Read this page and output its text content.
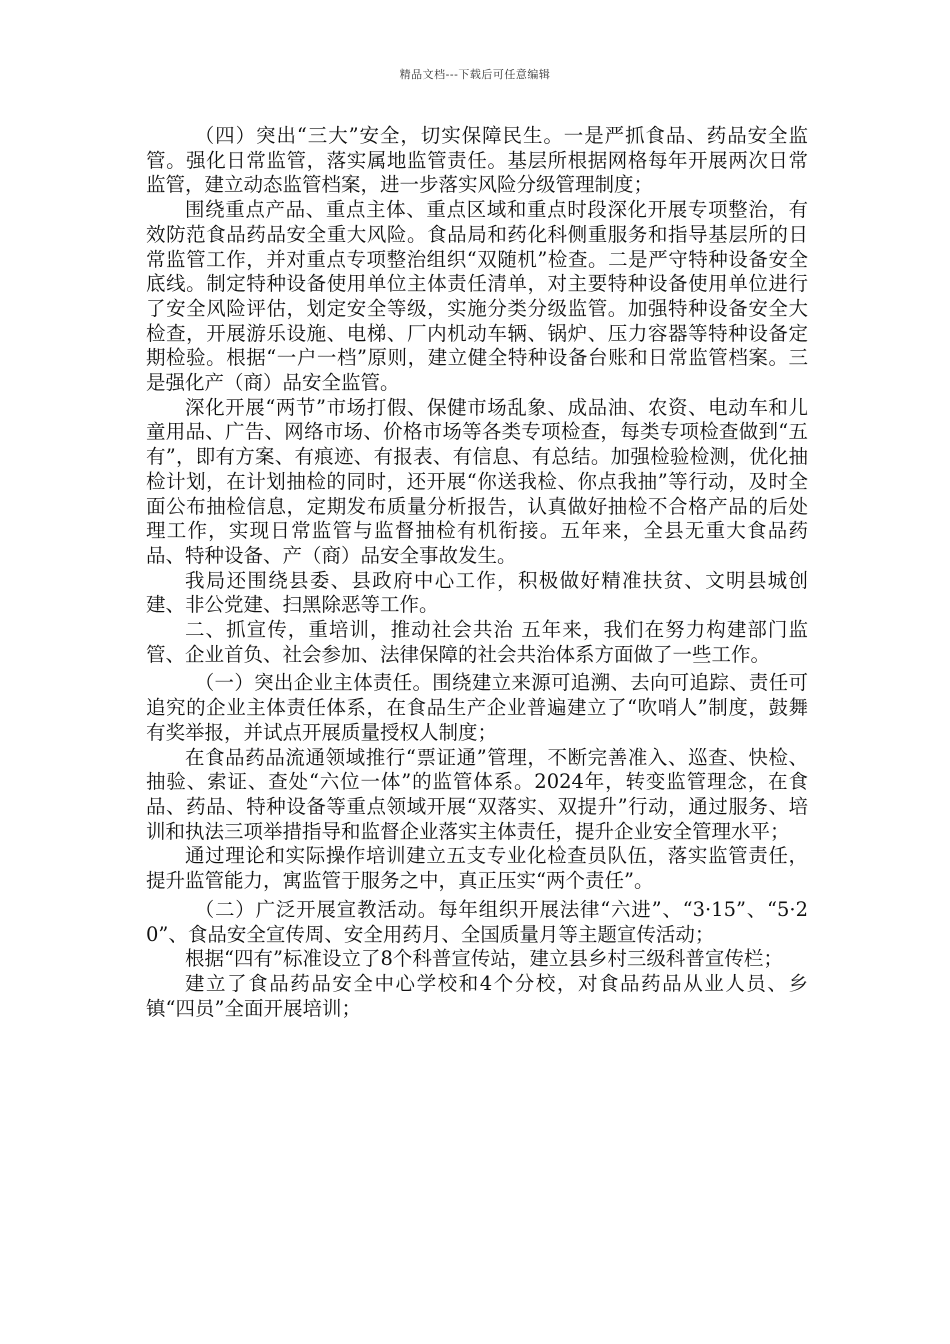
精品文档---下载后可任意编辑

（四）突出“三大”安全，切实保障民生。一是严抓食品、药品安全监管。强化日常监管，落实属地监管责任。基层所根据网格每年开展两次日常监管，建立动态监管档案，进一步落实风险分级管理制度；

围绕重点产品、重点主体、重点区域和重点时段深化开展专项整治，有效防范食品药品安全重大风险。食品局和药化科侧重服务和指导基层所的日常监管工作，并对重点专项整治组织“双随机”检查。二是严守特种设备安全底线。制定特种设备使用单位主体责任清单，对主要特种设备使用单位进行了安全风险评估，划定安全等级，实施分类分级监管。加强特种设备安全大检查，开展游乐设施、电梯、厂内机动车辆、锅炉、压力容器等特种设备定期检验。根据“一户一档”原则，建立健全特种设备台账和日常监管档案。三是强化产（商）品安全监管。

深化开展“两节”市场打假、保健市场乱象、成品油、农资、电动车和儿童用品、广告、网络市场、价格市场等各类专项检查，每类专项检查做到“五有”，即有方案、有痕迹、有报表、有信息、有总结。加强检验检测，优化抽检计划，在计划抽检的同时，还开展“你送我检、你点我抽”等行动，及时全面公布抽检信息，定期发布质量分析报告，认真做好抽检不合格产品的后处理工作，实现日常监管与监督抽检有机衔接。五年来，全县无重大食品药品、特种设备、产（商）品安全事故发生。

我局还围绕县委、县政府中心工作，积极做好精准扶贫、文明县城创建、非公党建、扫黑除恶等工作。

二、抓宣传，重培训，推动社会共治 五年来，我们在努力构建部门监管、企业首负、社会参加、法律保障的社会共治体系方面做了一些工作。

（一）突出企业主体责任。围绕建立来源可追溯、去向可追踪、责任可追究的企业主体责任体系，在食品生产企业普遍建立了“吹哨人”制度，鼓舞有奖举报，并试点开展质量授权人制度；

在食品药品流通领域推行“票证通”管理，不断完善准入、巡查、快检、抽验、索证、查处“六位一体”的监管体系。2024年，转变监管理念，在食品、药品、特种设备等重点领域开展“双落实、双提升”行动，通过服务、培训和执法三项举措指导和监督企业落实主体责任，提升企业安全管理水平；

通过理论和实际操作培训建立五支专业化检查员队伍，落实监管责任，提升监管能力，寓监管于服务之中，真正压实“两个责任”。

（二）广泛开展宣教活动。每年组织开展法律“六进”、“3·15”、“5·20”、食品安全宣传周、安全用药月、全国质量月等主题宣传活动；

根据“四有”标准设立了8个科普宣传站，建立县乡村三级科普宣传栏；

建立了食品药品安全中心学校和4个分校，对食品药品从业人员、乡镇“四员”全面开展培训；
